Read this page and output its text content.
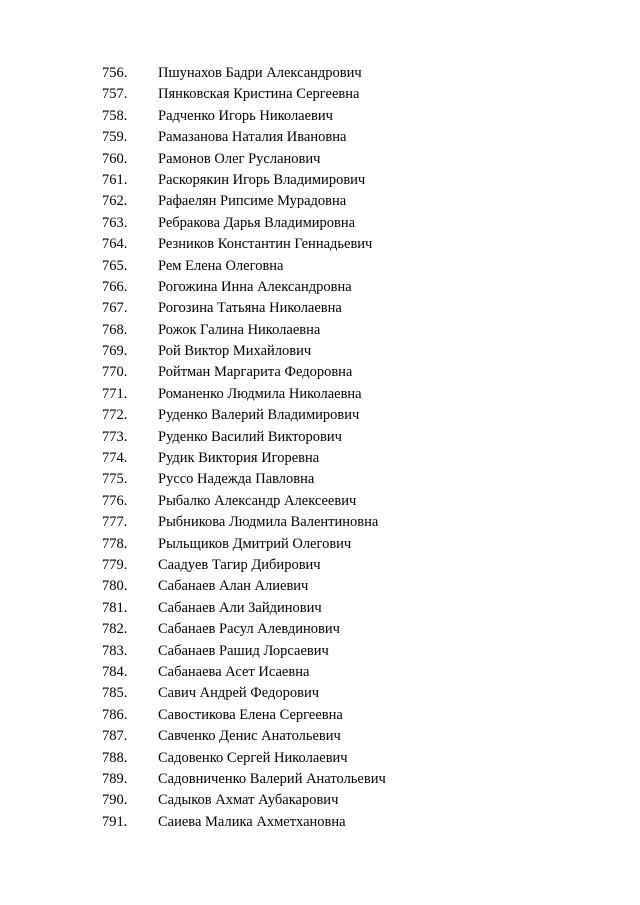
756. Пшунахов Бадри Александрович
757. Пянковская Кристина Сергеевна
758. Радченко Игорь Николаевич
759. Рамазанова Наталия Ивановна
760. Рамонов Олег Русланович
761. Раскорякин Игорь Владимирович
762. Рафаелян Рипсиме Мурадовна
763. Ребракова Дарья Владимировна
764. Резников Константин Геннадьевич
765. Рем Елена Олеговна
766. Рогожина Инна Александровна
767. Рогозина Татьяна Николаевна
768. Рожок Галина Николаевна
769. Рой Виктор Михайлович
770. Ройтман Маргарита Федоровна
771. Романенко Людмила Николаевна
772. Руденко Валерий Владимирович
773. Руденко Василий Викторович
774. Рудик Виктория Игоревна
775. Руссо Надежда Павловна
776. Рыбалко Александр Алексеевич
777. Рыбникова Людмила Валентиновна
778. Рыльщиков Дмитрий Олегович
779. Саадуев Тагир Дибирович
780. Сабанаев Алан Алиевич
781. Сабанаев Али Зайдинович
782. Сабанаев Расул Алевдинович
783. Сабанаев Рашид Лорсаевич
784. Сабанаева Асет Исаевна
785. Савич Андрей Федорович
786. Савостикова Елена Сергеевна
787. Савченко Денис Анатольевич
788. Садовенко Сергей Николаевич
789. Садовниченко Валерий Анатольевич
790. Садыков Ахмат Аубакарович
791. Саиева Малика Ахметхановна
